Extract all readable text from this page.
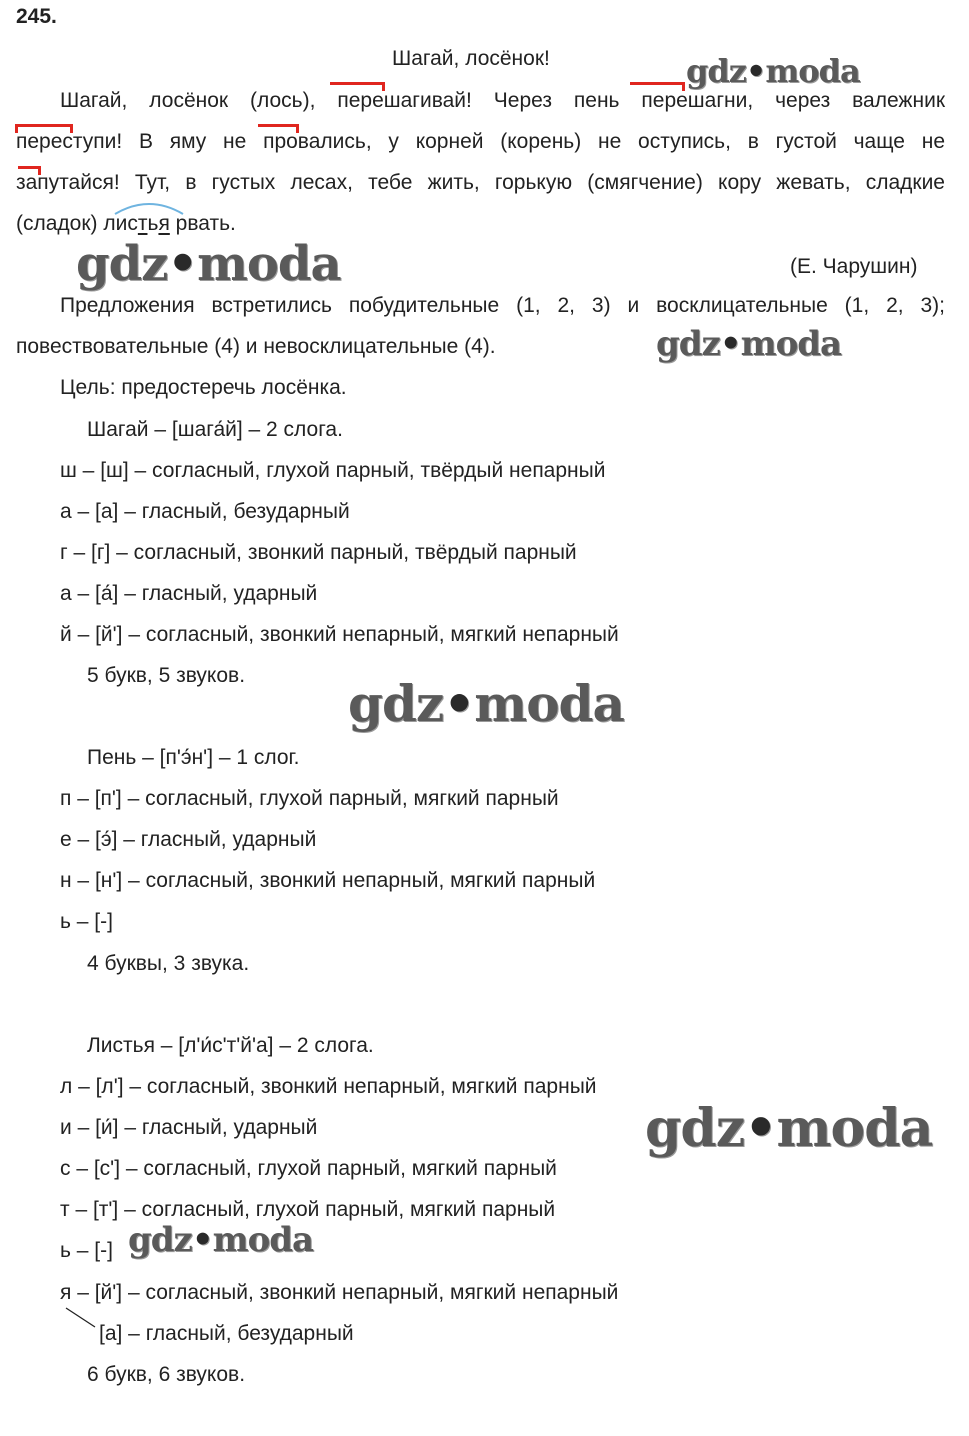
245.
Шагай, лосёнок!
Шагай, лосёнок (лось), перешагивай! Через пень перешагни, через валежник
переступи! В яму не провались, у корней (корень) не оступись, в густой чаще не
запутайся! Тут, в густых лесах, тебе жить, горькую (смягчение) кору жевать, сладкие
(сладок) листья рвать.
(Е. Чарушин)
Предложения встретились побудительные (1, 2, 3) и восклицательные (1, 2, 3);
повествовательные (4) и невосклицательные (4).
Цель: предостеречь лосёнка.
Шагай – [шага́й] – 2 слога.
ш – [ш] – согласный, глухой парный, твёрдый непарный
а – [а] – гласный, безударный
г – [г] – согласный, звонкий парный, твёрдый парный
а – [а́] – гласный, ударный
й – [й'] – согласный, звонкий непарный, мягкий непарный
5 букв, 5 звуков.
Пень – [п'э́н'] – 1 слог.
п – [п'] – согласный, глухой парный, мягкий парный
е – [э́] – гласный, ударный
н – [н'] – согласный, звонкий непарный, мягкий парный
ь – [-]
4 буквы, 3 звука.
Листья – [л'и́с'т'й'а] – 2 слога.
л – [л'] – согласный, звонкий непарный, мягкий парный
и – [и́] – гласный, ударный
с – [с'] – согласный, глухой парный, мягкий парный
т – [т'] – согласный, глухой парный, мягкий парный
ь – [-]
я – [й'] – согласный, звонкий непарный, мягкий непарный
[а] – гласный, безударный
6 букв, 6 звуков.
gdz•moda
gdz•moda
gdz•moda
gdz•moda
gdz•moda
gdz•moda
